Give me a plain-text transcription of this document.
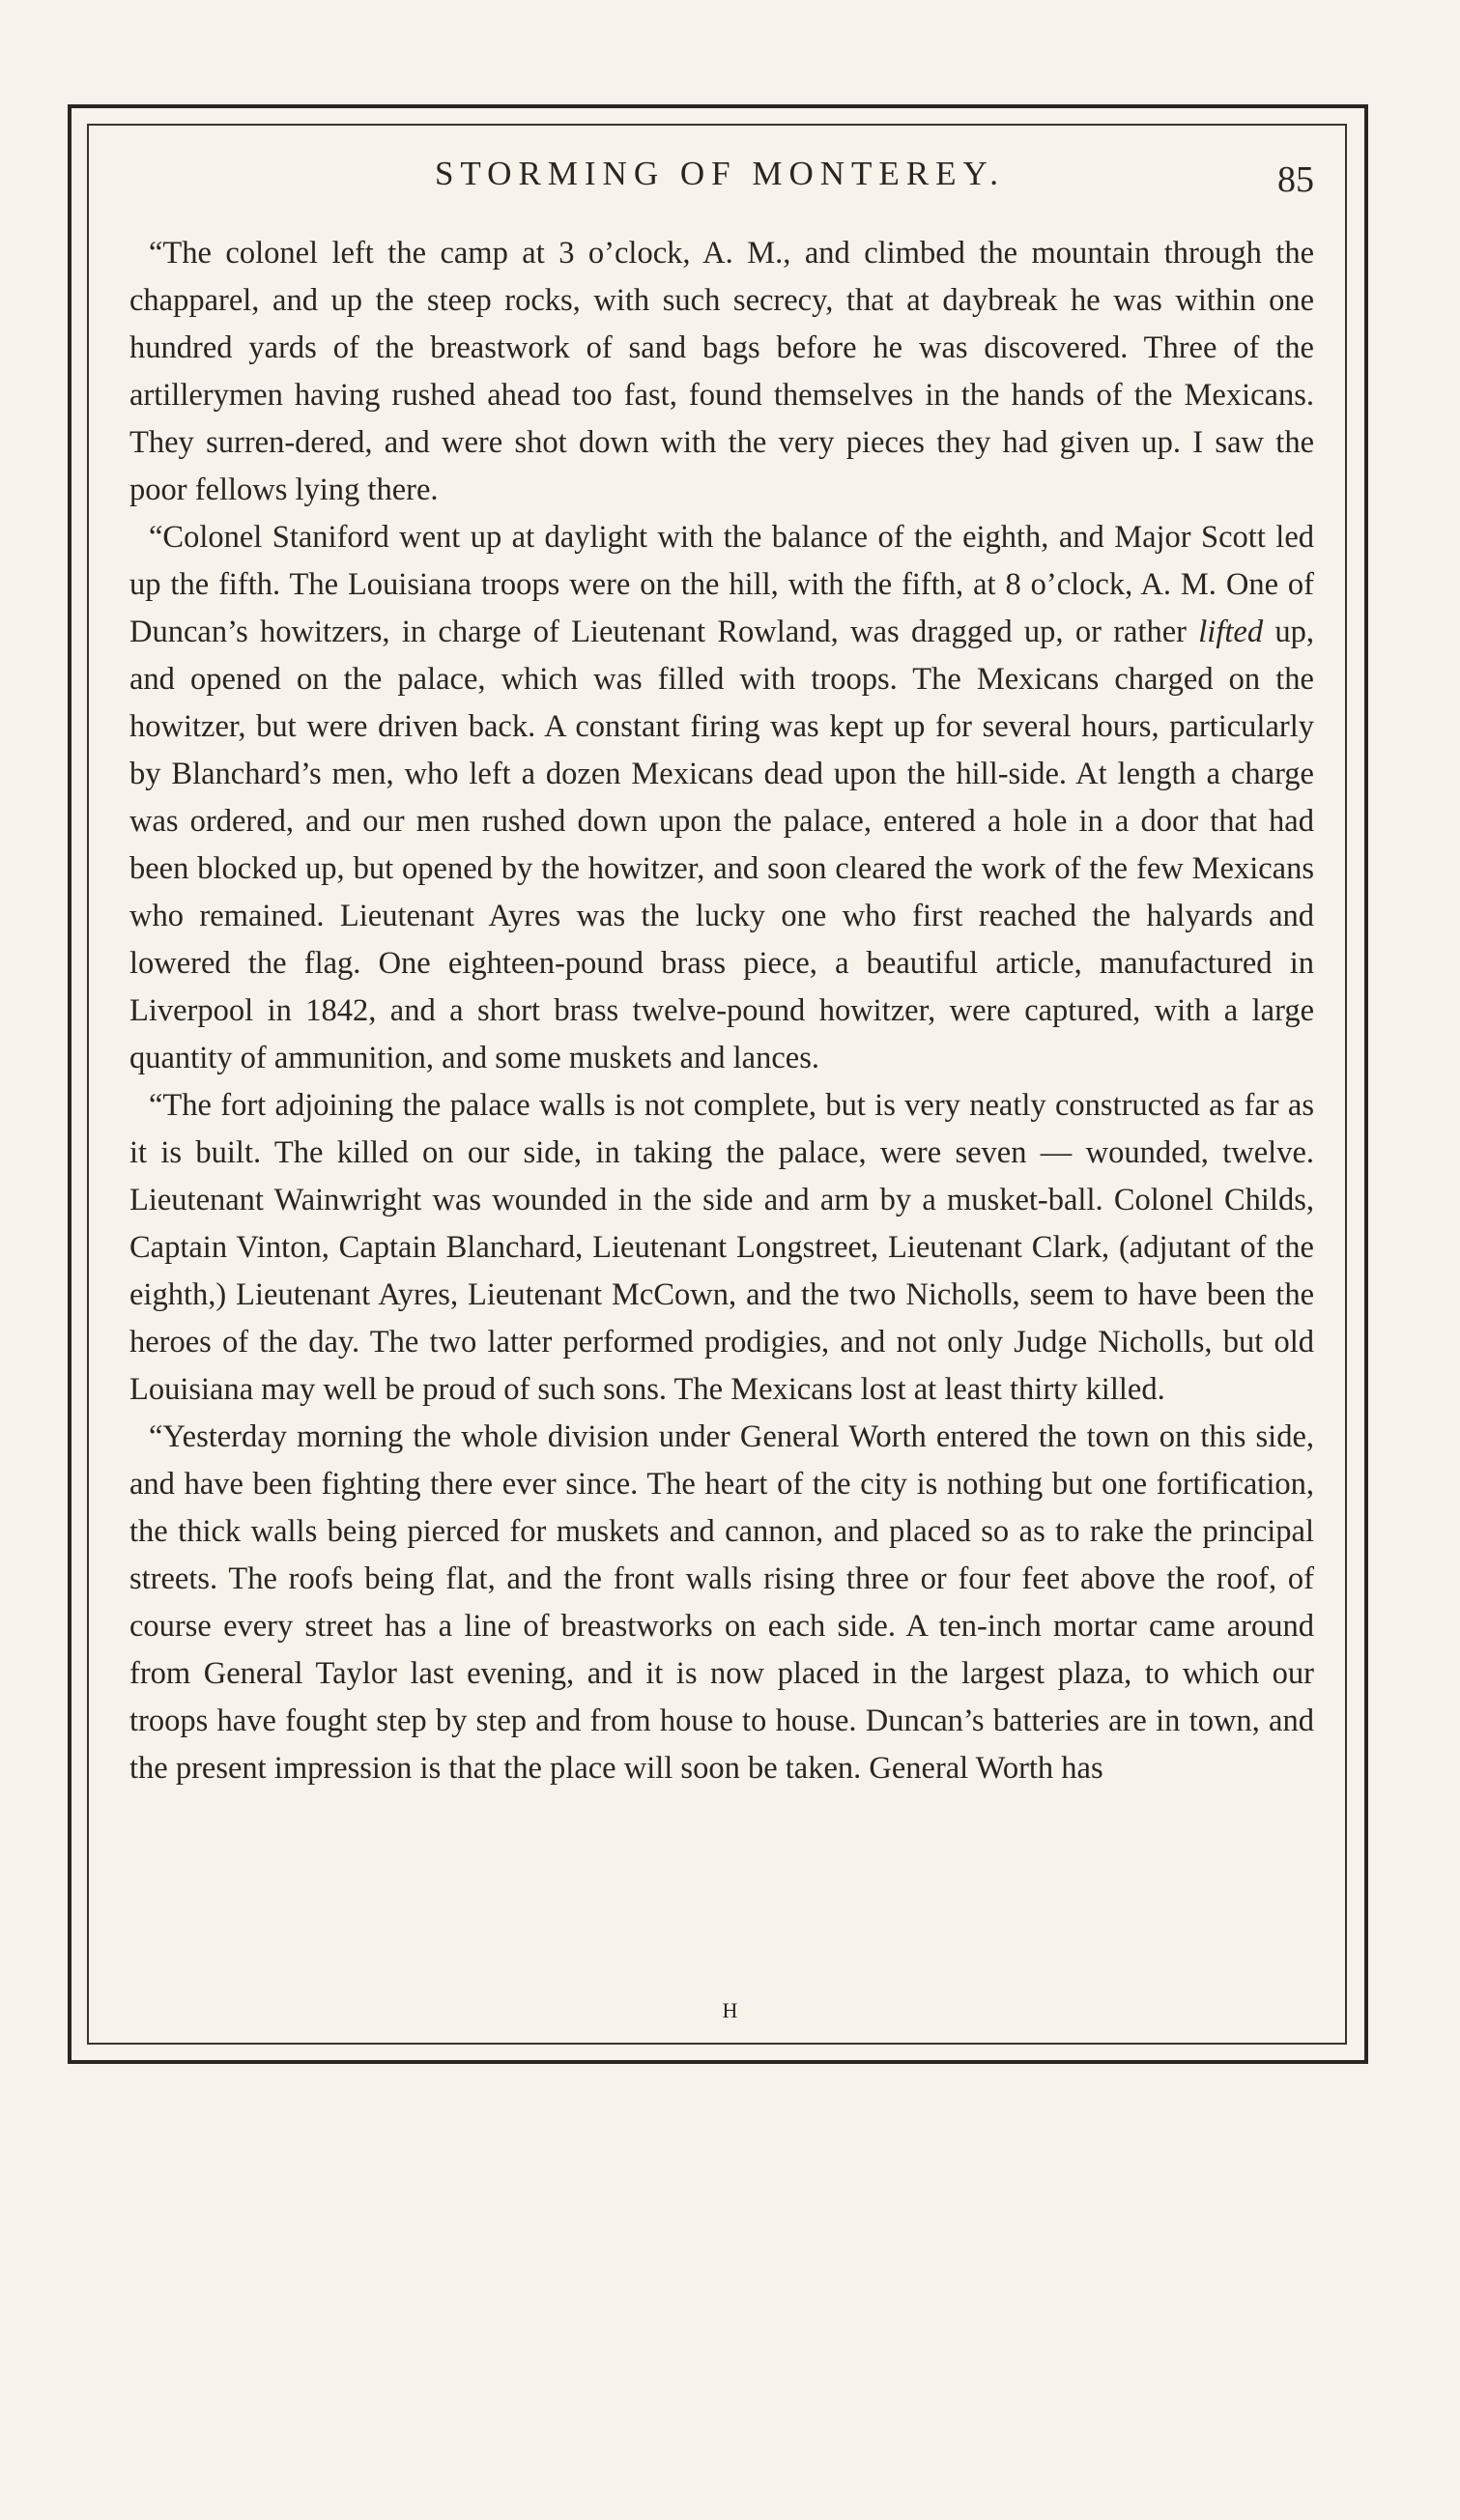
STORMING OF MONTEREY.	85

“The colonel left the camp at 3 o’clock, A. M., and climbed the mountain through the chapparel, and up the steep rocks, with such secrecy, that at daybreak he was within one hundred yards of the breastwork of sand bags before he was discovered. Three of the artillerymen having rushed ahead too fast, found themselves in the hands of the Mexicans. They surren-dered, and were shot down with the very pieces they had given up. I saw the poor fellows lying there.

“Colonel Staniford went up at daylight with the balance of the eighth, and Major Scott led up the fifth. The Louisiana troops were on the hill, with the fifth, at 8 o’clock, A. M. One of Duncan’s howitzers, in charge of Lieutenant Rowland, was dragged up, or rather lifted up, and opened on the palace, which was filled with troops. The Mexicans charged on the howitzer, but were driven back. A constant firing was kept up for several hours, particularly by Blanchard’s men, who left a dozen Mexicans dead upon the hill-side. At length a charge was ordered, and our men rushed down upon the palace, entered a hole in a door that had been blocked up, but opened by the howitzer, and soon cleared the work of the few Mexicans who remained. Lieutenant Ayres was the lucky one who first reached the halyards and lowered the flag. One eighteen-pound brass piece, a beautiful article, manufactured in Liverpool in 1842, and a short brass twelve-pound howitzer, were captured, with a large quantity of ammunition, and some muskets and lances.

“The fort adjoining the palace walls is not complete, but is very neatly constructed as far as it is built. The killed on our side, in taking the palace, were seven — wounded, twelve. Lieutenant Wainwright was wounded in the side and arm by a musket-ball. Colonel Childs, Captain Vinton, Captain Blanchard, Lieutenant Longstreet, Lieutenant Clark, (adjutant of the eighth,) Lieutenant Ayres, Lieutenant McCown, and the two Nicholls, seem to have been the heroes of the day. The two latter performed prodigies, and not only Judge Nicholls, but old Louisiana may well be proud of such sons. The Mexicans lost at least thirty killed.

“Yesterday morning the whole division under General Worth entered the town on this side, and have been fighting there ever since. The heart of the city is nothing but one fortification, the thick walls being pierced for muskets and cannon, and placed so as to rake the principal streets. The roofs being flat, and the front walls rising three or four feet above the roof, of course every street has a line of breastworks on each side. A ten-inch mortar came around from General Taylor last evening, and it is now placed in the largest plaza, to which our troops have fought step by step and from house to house. Duncan’s batteries are in town, and the present impression is that the place will soon be taken. General Worth has

H
